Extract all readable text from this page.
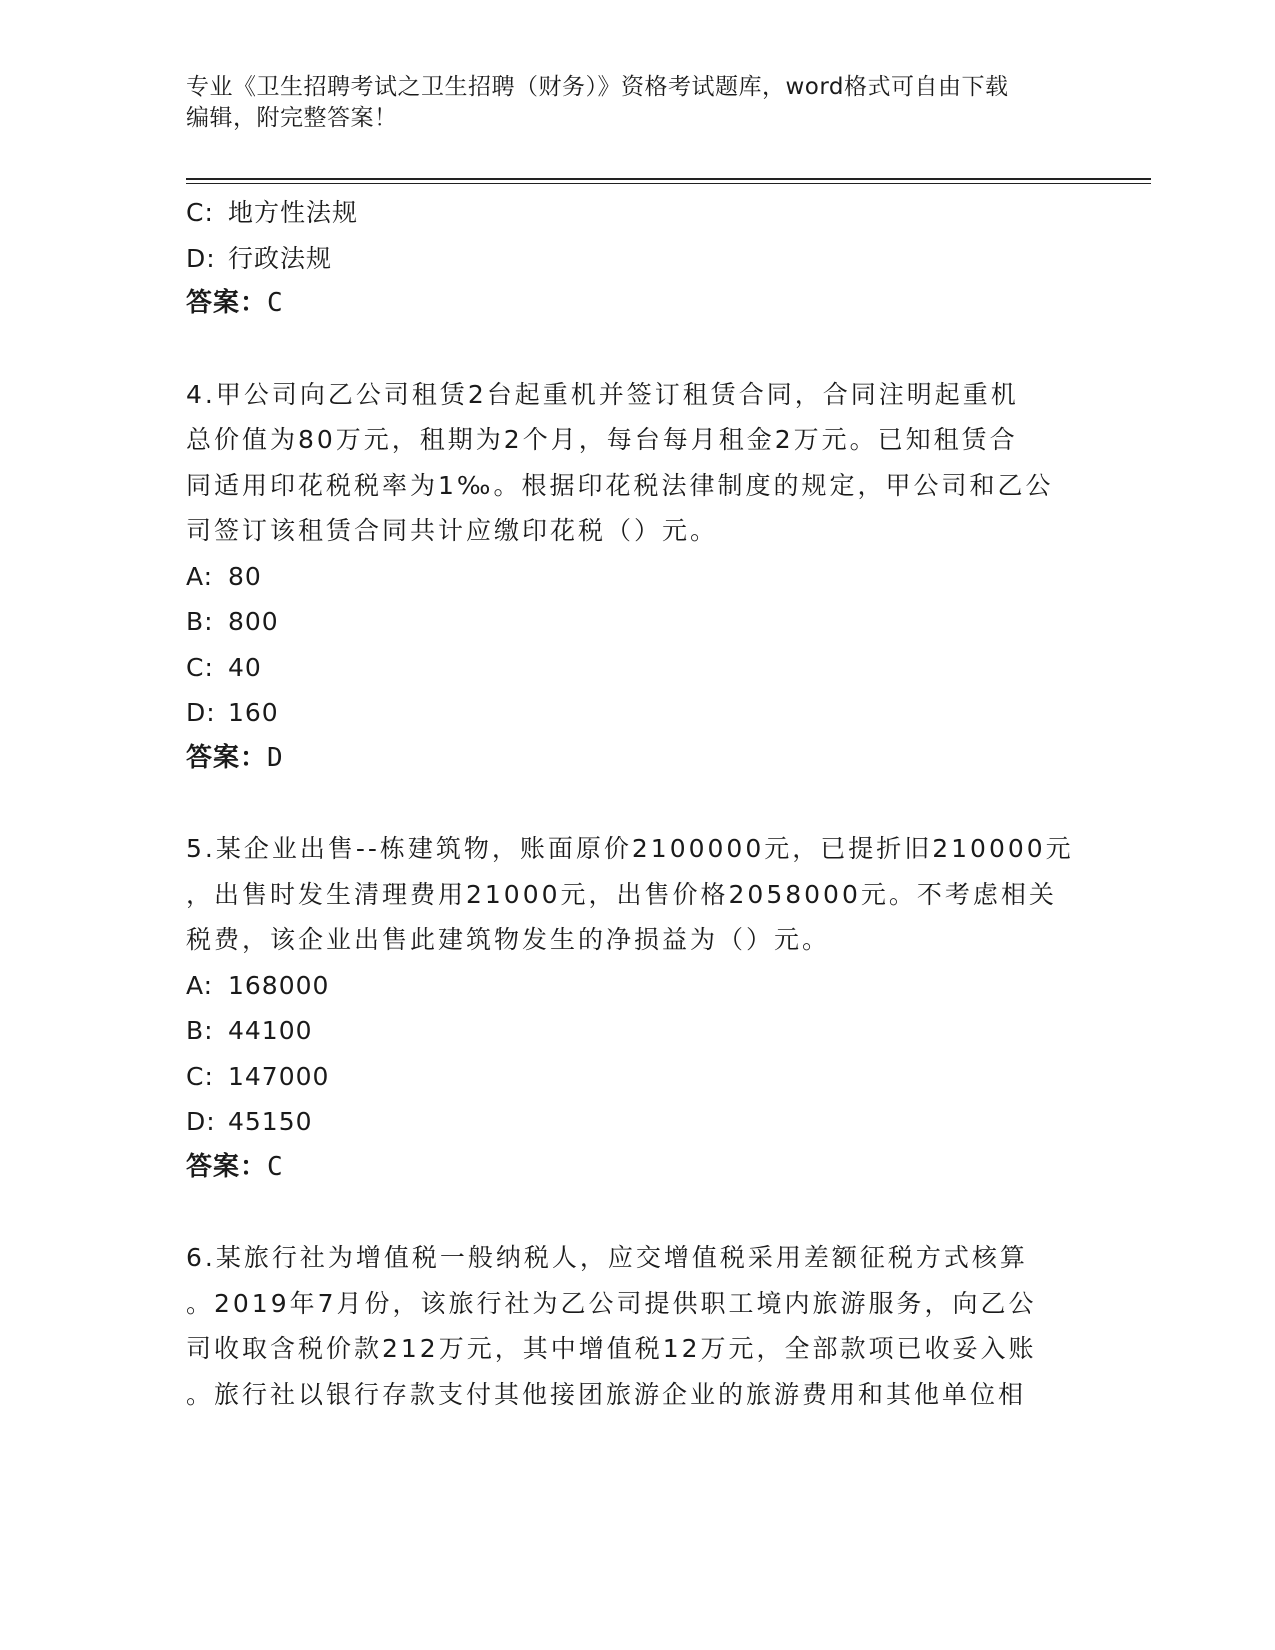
专业《卫生招聘考试之卫生招聘（财务）》资格考试题库，word格式可自由下载
编辑，附完整答案！
C: 地方性法规
D: 行政法规
答案：C
4.甲公司向乙公司租赁2台起重机并签订租赁合同，合同注明起重机
总价值为80万元，租期为2个月，每台每月租金2万元。已知租赁合
同适用印花税税率为1‰。根据印花税法律制度的规定，甲公司和乙公
司签订该租赁合同共计应缴印花税（）元。
A: 80
B: 800
C: 40
D: 160
答案：D
5.某企业出售--栋建筑物，账面原价2100000元，已提折旧210000元
，出售时发生清理费用21000元，出售价格2058000元。不考虑相关
税费，该企业出售此建筑物发生的净损益为（）元。
A: 168000
B: 44100
C: 147000
D: 45150
答案：C
6.某旅行社为增值税一般纳税人，应交增值税采用差额征税方式核算
。2019年7月份，该旅行社为乙公司提供职工境内旅游服务，向乙公
司收取含税价款212万元，其中增值税12万元，全部款项已收妥入账
。旅行社以银行存款支付其他接团旅游企业的旅游费用和其他单位相
